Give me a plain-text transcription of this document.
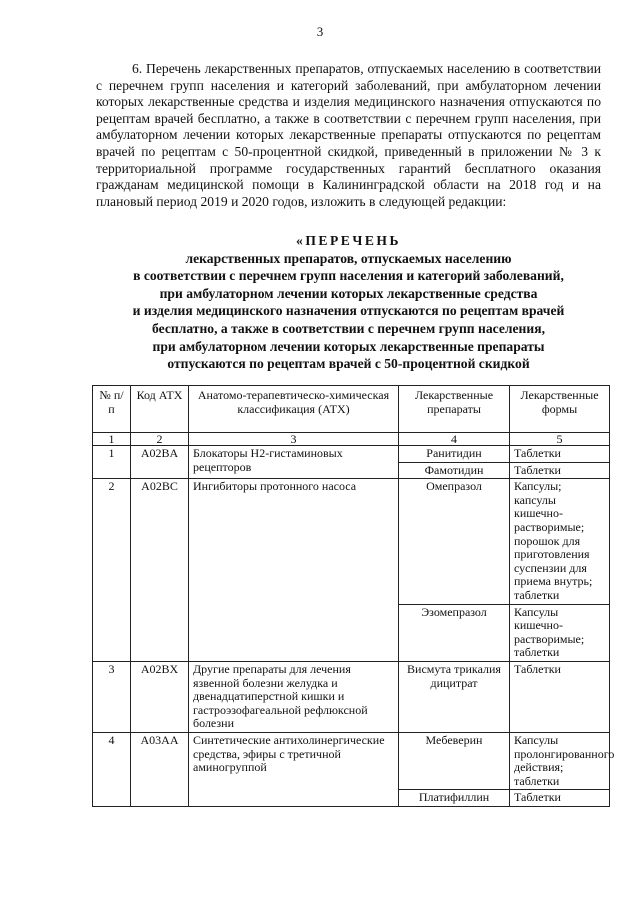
3

6. Перечень лекарственных препаратов, отпускаемых населению в соответствии с перечнем групп населения и категорий заболеваний, при амбулаторном лечении которых лекарственные средства и изделия медицинского назначения отпускаются по рецептам врачей бесплатно, а также в соответствии с перечнем групп населения, при амбулаторном лечении которых лекарственные препараты отпускаются по рецептам врачей по рецептам с 50-процентной скидкой, приведенный в приложении № 3 к территориальной программе государственных гарантий бесплатного оказания гражданам медицинской помощи в Калининградской области на 2018 год и на плановый период 2019 и 2020 годов, изложить в следующей редакции:

«ПЕРЕЧЕНЬ
лекарственных препаратов, отпускаемых населению
в соответствии с перечнем групп населения и категорий заболеваний,
при амбулаторном лечении которых лекарственные средства
и изделия медицинского назначения отпускаются по рецептам врачей
бесплатно, а также в соответствии с перечнем групп населения,
при амбулаторном лечении которых лекарственные препараты
отпускаются по рецептам врачей с 50-процентной скидкой
№ п/п	Код АТХ	Анатомо-терапевтическо-химическая классификация (АТХ)	Лекарственные препараты	Лекарственные формы
1	2	3	4	5
1	A02BA	Блокаторы Н2-гистаминовых рецепторов	Ранитидин	Таблетки
			Фамотидин	Таблетки
2	A02BC	Ингибиторы протонного насоса	Омепразол	Капсулы; капсулы кишечно-растворимые; порошок для приготовления суспензии для приема внутрь; таблетки
			Эзомепразол	Капсулы кишечно-растворимые; таблетки
3	A02BX	Другие препараты для лечения язвенной болезни желудка и двенадцатиперстной кишки и гастроэзофагеальной рефлюксной болезни	Висмута трикалия дицитрат	Таблетки
4	A03AA	Синтетические антихолинергические средства, эфиры с третичной аминогруппой	Мебеверин	Капсулы пролонгированного действия; таблетки
			Платифиллин	Таблетки
